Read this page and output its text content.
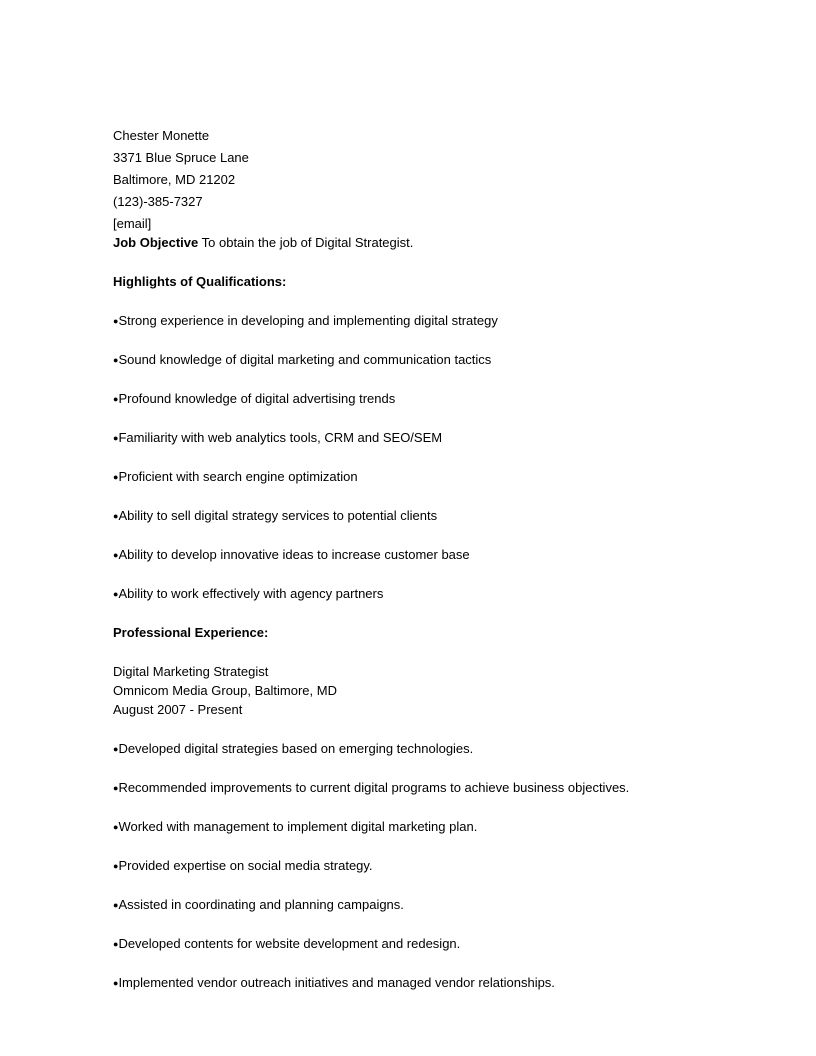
Chester Monette
3371 Blue Spruce Lane
Baltimore, MD 21202
(123)-385-7327
[email]
Job Objective To obtain the job of Digital Strategist.
Highlights of Qualifications:
●Strong experience in developing and implementing digital strategy
●Sound knowledge of digital marketing and communication tactics
●Profound knowledge of digital advertising trends
●Familiarity with web analytics tools, CRM and SEO/SEM
●Proficient with search engine optimization
●Ability to sell digital strategy services to potential clients
●Ability to develop innovative ideas to increase customer base
●Ability to work effectively with agency partners
Professional Experience:
Digital Marketing Strategist
Omnicom Media Group, Baltimore, MD
August 2007 - Present
●Developed digital strategies based on emerging technologies.
●Recommended improvements to current digital programs to achieve business objectives.
●Worked with management to implement digital marketing plan.
●Provided expertise on social media strategy.
●Assisted in coordinating and planning campaigns.
●Developed contents for website development and redesign.
●Implemented vendor outreach initiatives and managed vendor relationships.
